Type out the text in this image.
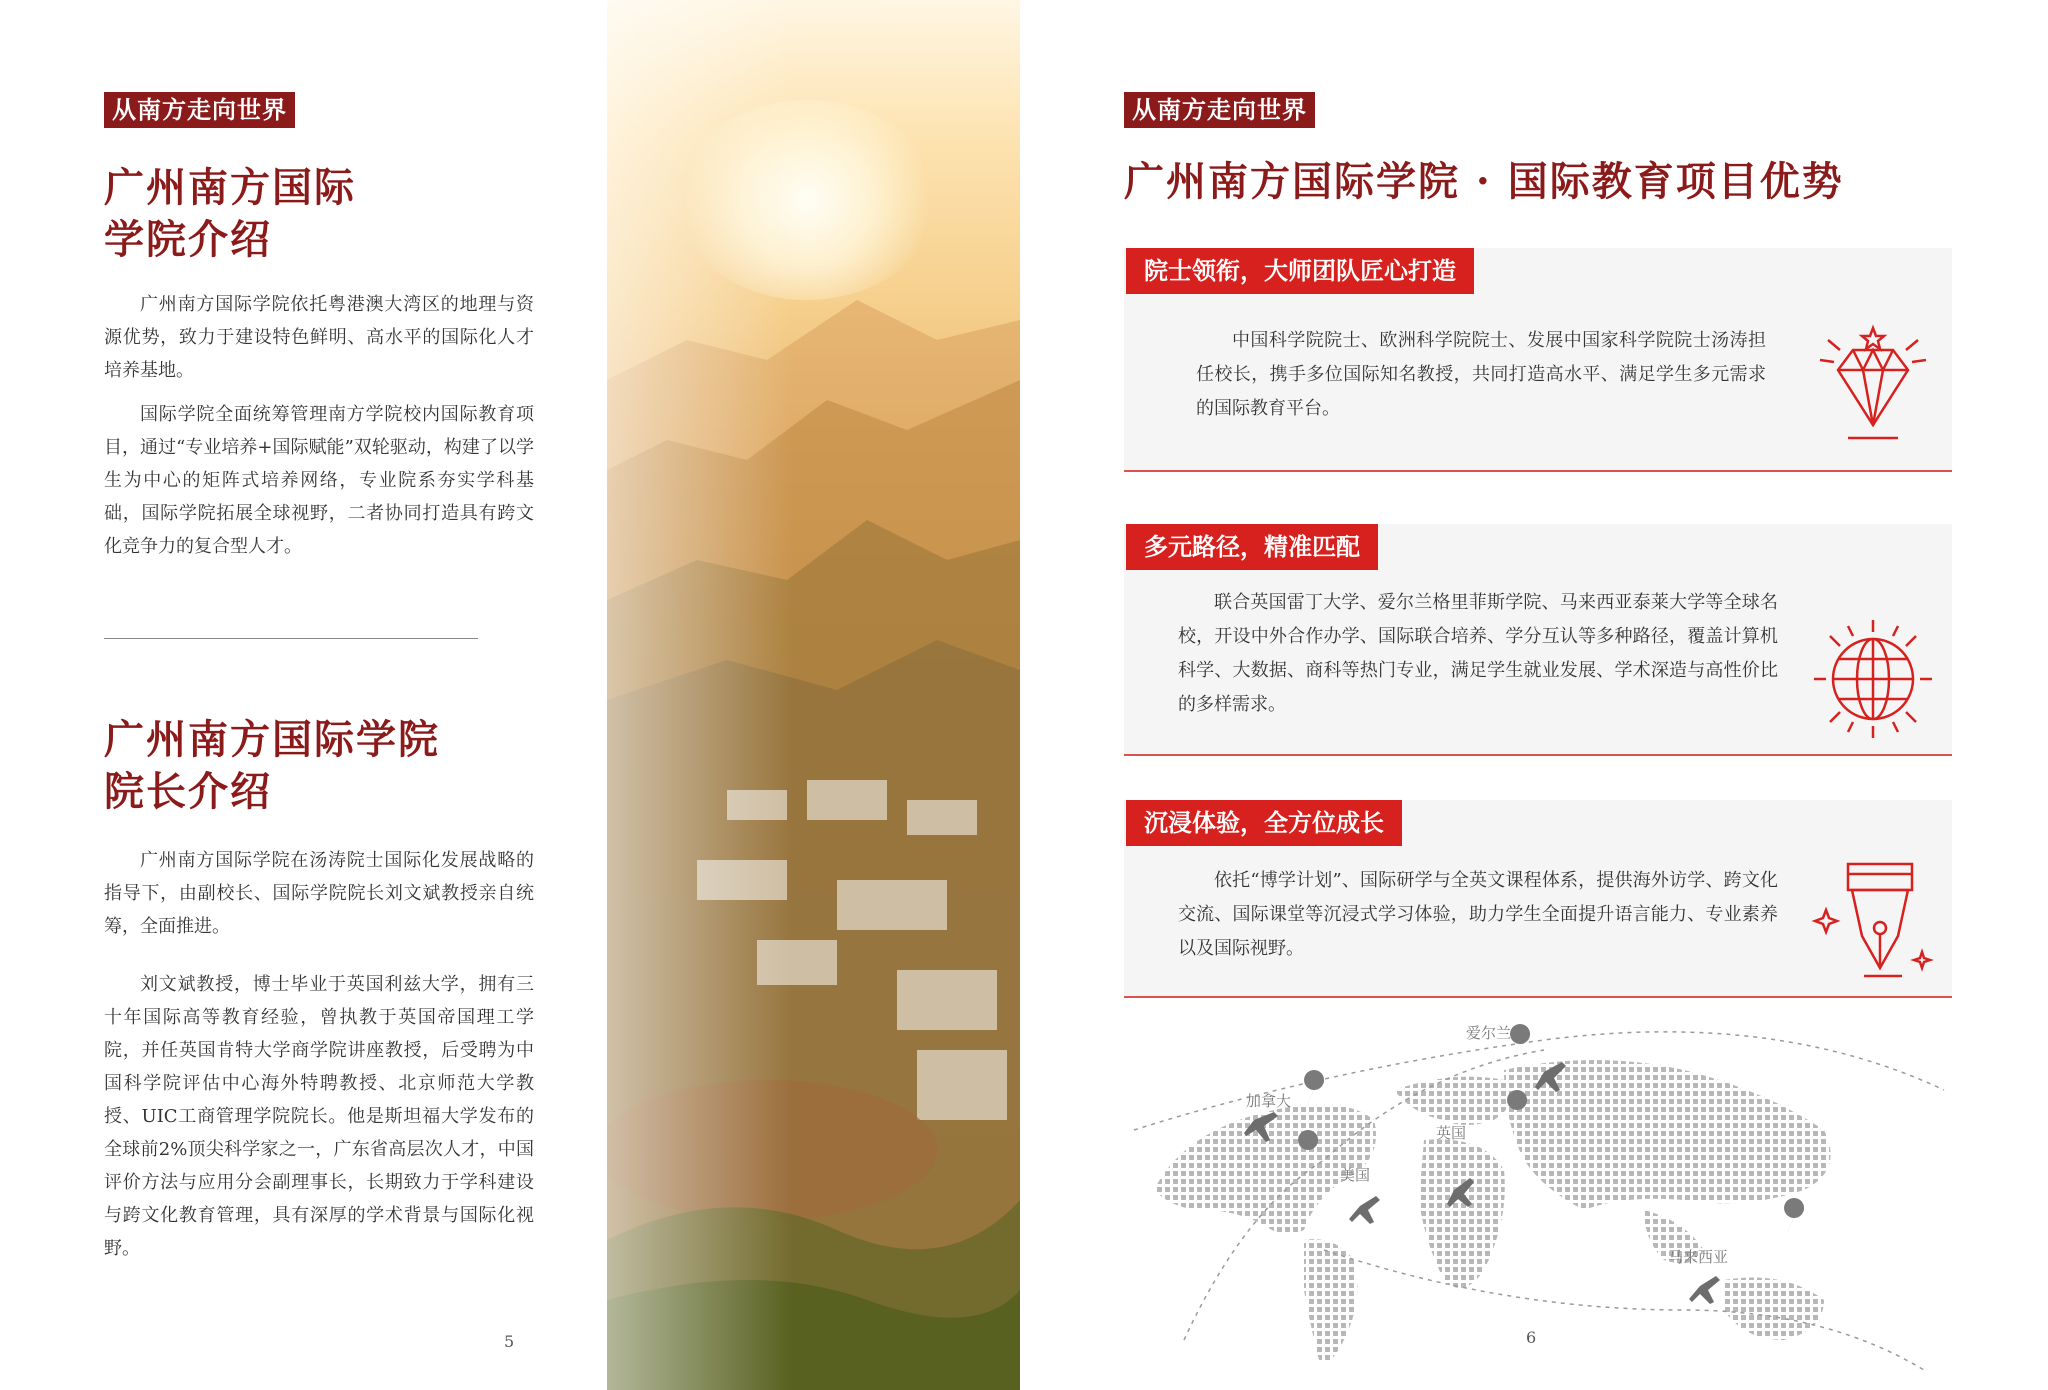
从南方走向世界
广州南方国际
学院介绍

广州南方国际学院依托粤港澳大湾区的地理与资源优势，致力于建设特色鲜明、高水平的国际化人才培养基地。

国际学院全面统筹管理南方学院校内国际教育项目，通过“专业培养+国际赋能”双轮驱动，构建了以学生为中心的矩阵式培养网络，专业院系夯实学科基础，国际学院拓展全球视野，二者协同打造具有跨文化竞争力的复合型人才。

广州南方国际学院
院长介绍

广州南方国际学院在汤涛院士国际化发展战略的指导下，由副校长、国际学院院长刘文斌教授亲自统筹，全面推进。

刘文斌教授，博士毕业于英国利兹大学，拥有三十年国际高等教育经验，曾执教于英国帝国理工学院，并任英国肯特大学商学院讲座教授，后受聘为中国科学院评估中心海外特聘教授、北京师范大学教授、UIC工商管理学院院长。他是斯坦福大学发布的全球前2%顶尖科学家之一，广东省高层次人才，中国评价方法与应用分会副理事长，长期致力于学科建设与跨文化教育管理，具有深厚的学术背景与国际化视野。

5
从南方走向世界
广州南方国际学院 · 国际教育项目优势
院士领衔，大师团队匠心打造

中国科学院院士、欧洲科学院院士、发展中国家科学院院士汤涛担任校长，携手多位国际知名教授，共同打造高水平、满足学生多元需求的国际教育平台。

多元路径，精准匹配

联合英国雷丁大学、爱尔兰格里菲斯学院、马来西亚泰莱大学等全球名校，开设中外合作办学、国际联合培养、学分互认等多种路径，覆盖计算机科学、大数据、商科等热门专业，满足学生就业发展、学术深造与高性价比的多样需求。

沉浸体验，全方位成长

依托“博学计划”、国际研学与全英文课程体系，提供海外访学、跨文化交流、国际课堂等沉浸式学习体验，助力学生全面提升语言能力、专业素养以及国际视野。

爱尔兰
加拿大
英国
美国
马来西亚
6
